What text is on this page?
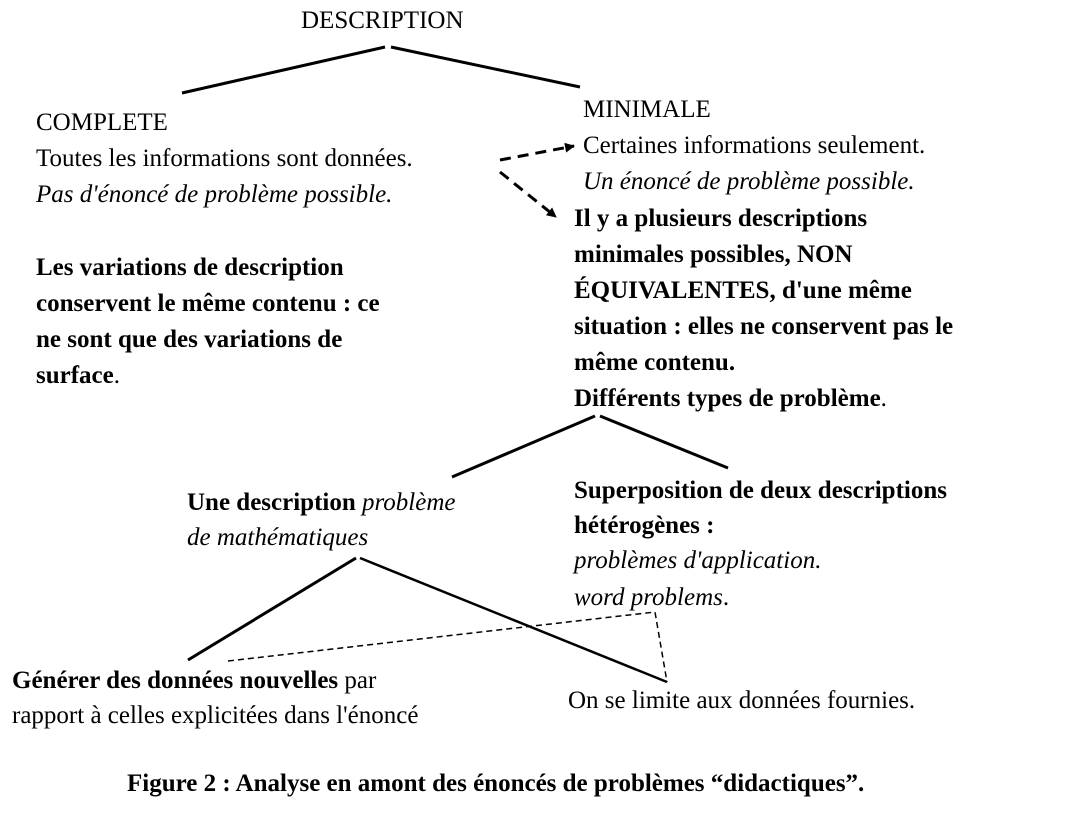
DESCRIPTION
COMPLETE
Toutes les informations sont données.
Pas d'énoncé de problème possible.
Les variations de description
conservent le même contenu : ce
ne sont que des variations de
surface.
MINIMALE
Certaines informations seulement.
Un énoncé de problème possible.
Il y a plusieurs descriptions
minimales possibles, NON
ÉQUIVALENTES, d'une même
situation : elles ne conservent pas le
même contenu.
Différents types de problème.
Une description problème
de mathématiques
Superposition de deux descriptions
hétérogènes :
problèmes d'application.
word problems.
Générer des données nouvelles par
rapport à celles explicitées dans l'énoncé
On se limite aux données fournies.
Figure 2 : Analyse en amont des énoncés de problèmes “didactiques”.
